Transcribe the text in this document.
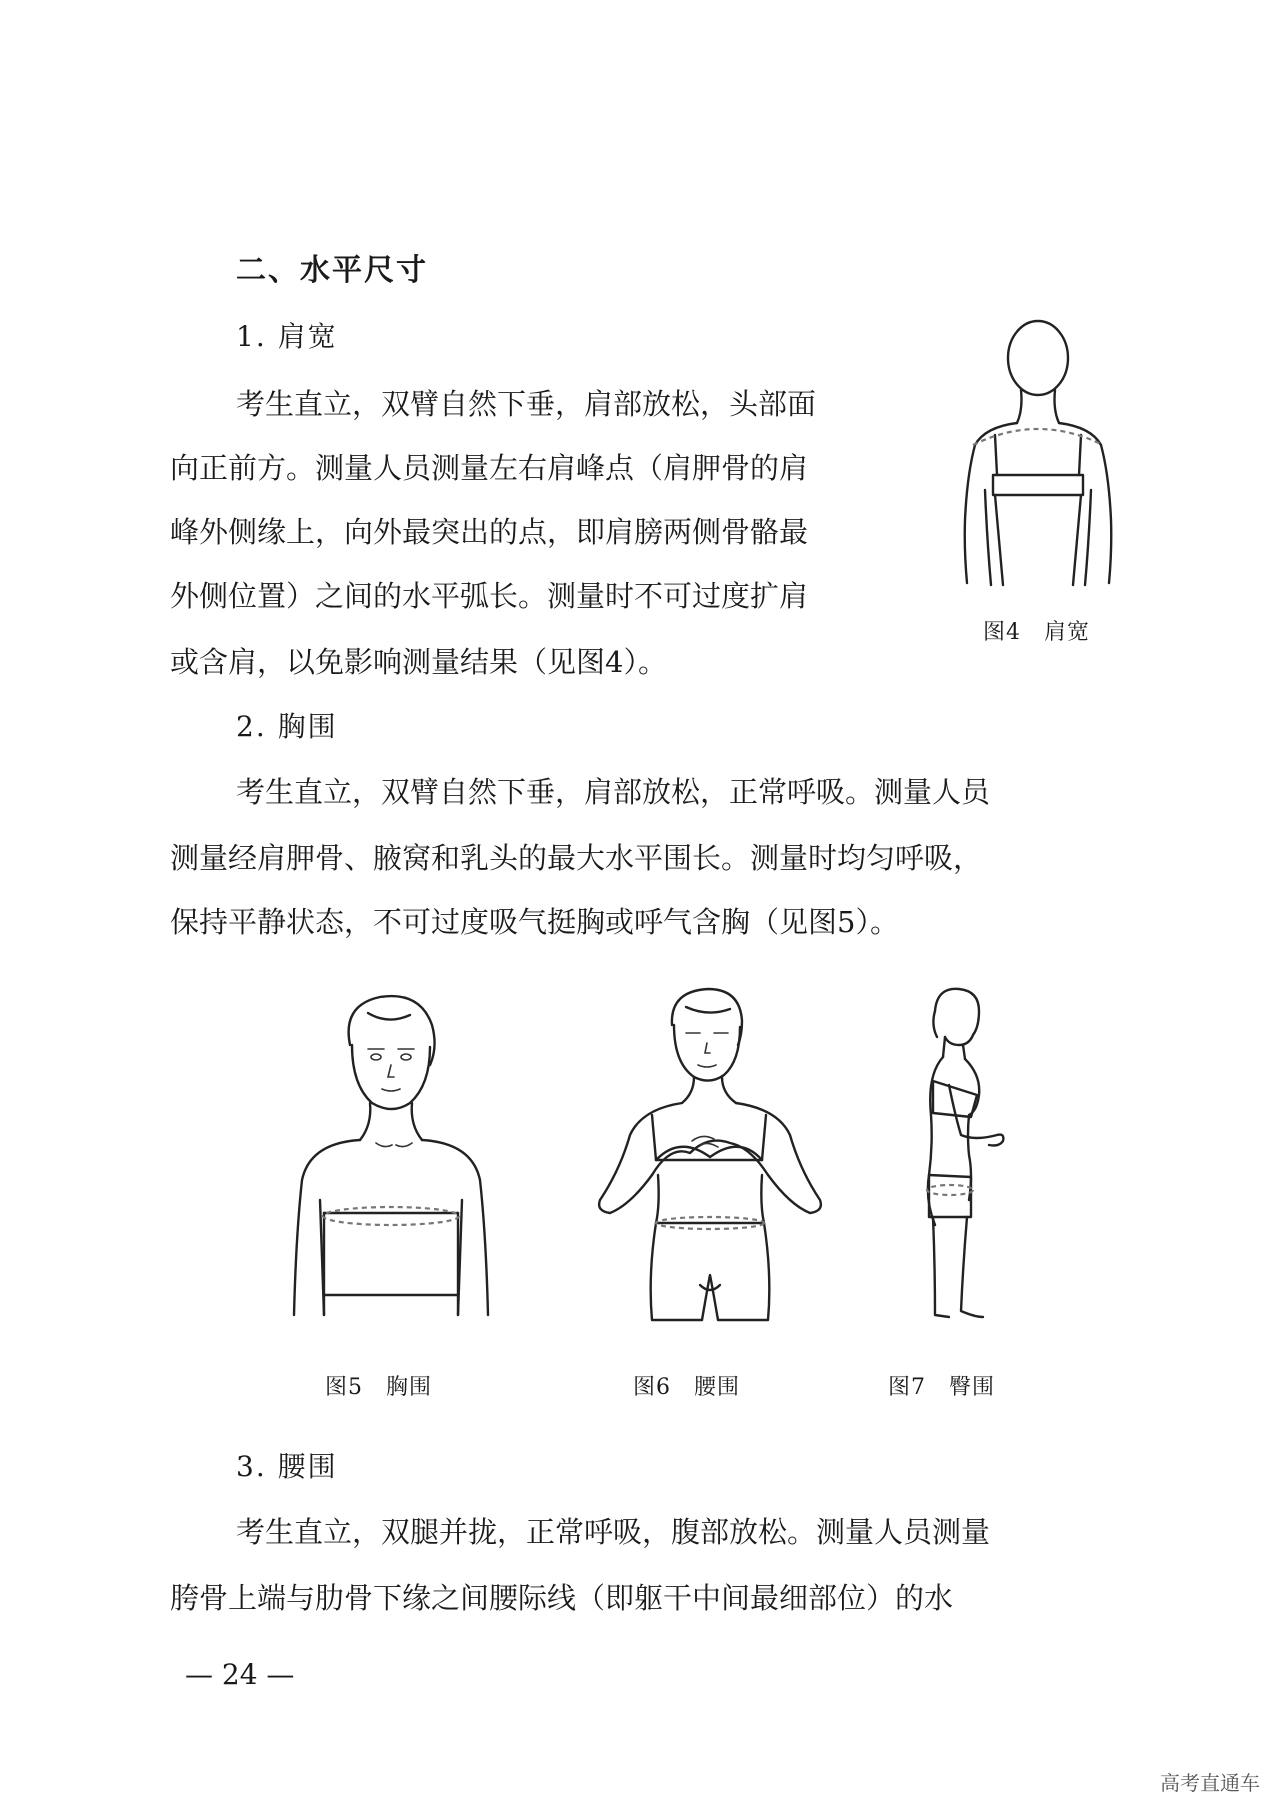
二、水平尺寸
1. 肩宽
考生直立，双臂自然下垂，肩部放松，头部面
向正前方。测量人员测量左右肩峰点（肩胛骨的肩
峰外侧缘上，向外最突出的点，即肩膀两侧骨骼最
外侧位置）之间的水平弧长。测量时不可过度扩肩
或含肩，以免影响测量结果（见图4）。
图4　肩宽
2. 胸围
考生直立，双臂自然下垂，肩部放松，正常呼吸。测量人员
测量经肩胛骨、腋窝和乳头的最大水平围长。测量时均匀呼吸，
保持平静状态，不可过度吸气挺胸或呼气含胸（见图5）。
图5　胸围	图6　腰围	图7　臀围
3. 腰围
考生直立，双腿并拢，正常呼吸，腹部放松。测量人员测量
胯骨上端与肋骨下缘之间腰际线（即躯干中间最细部位）的水
— 24 —
高考直通车
